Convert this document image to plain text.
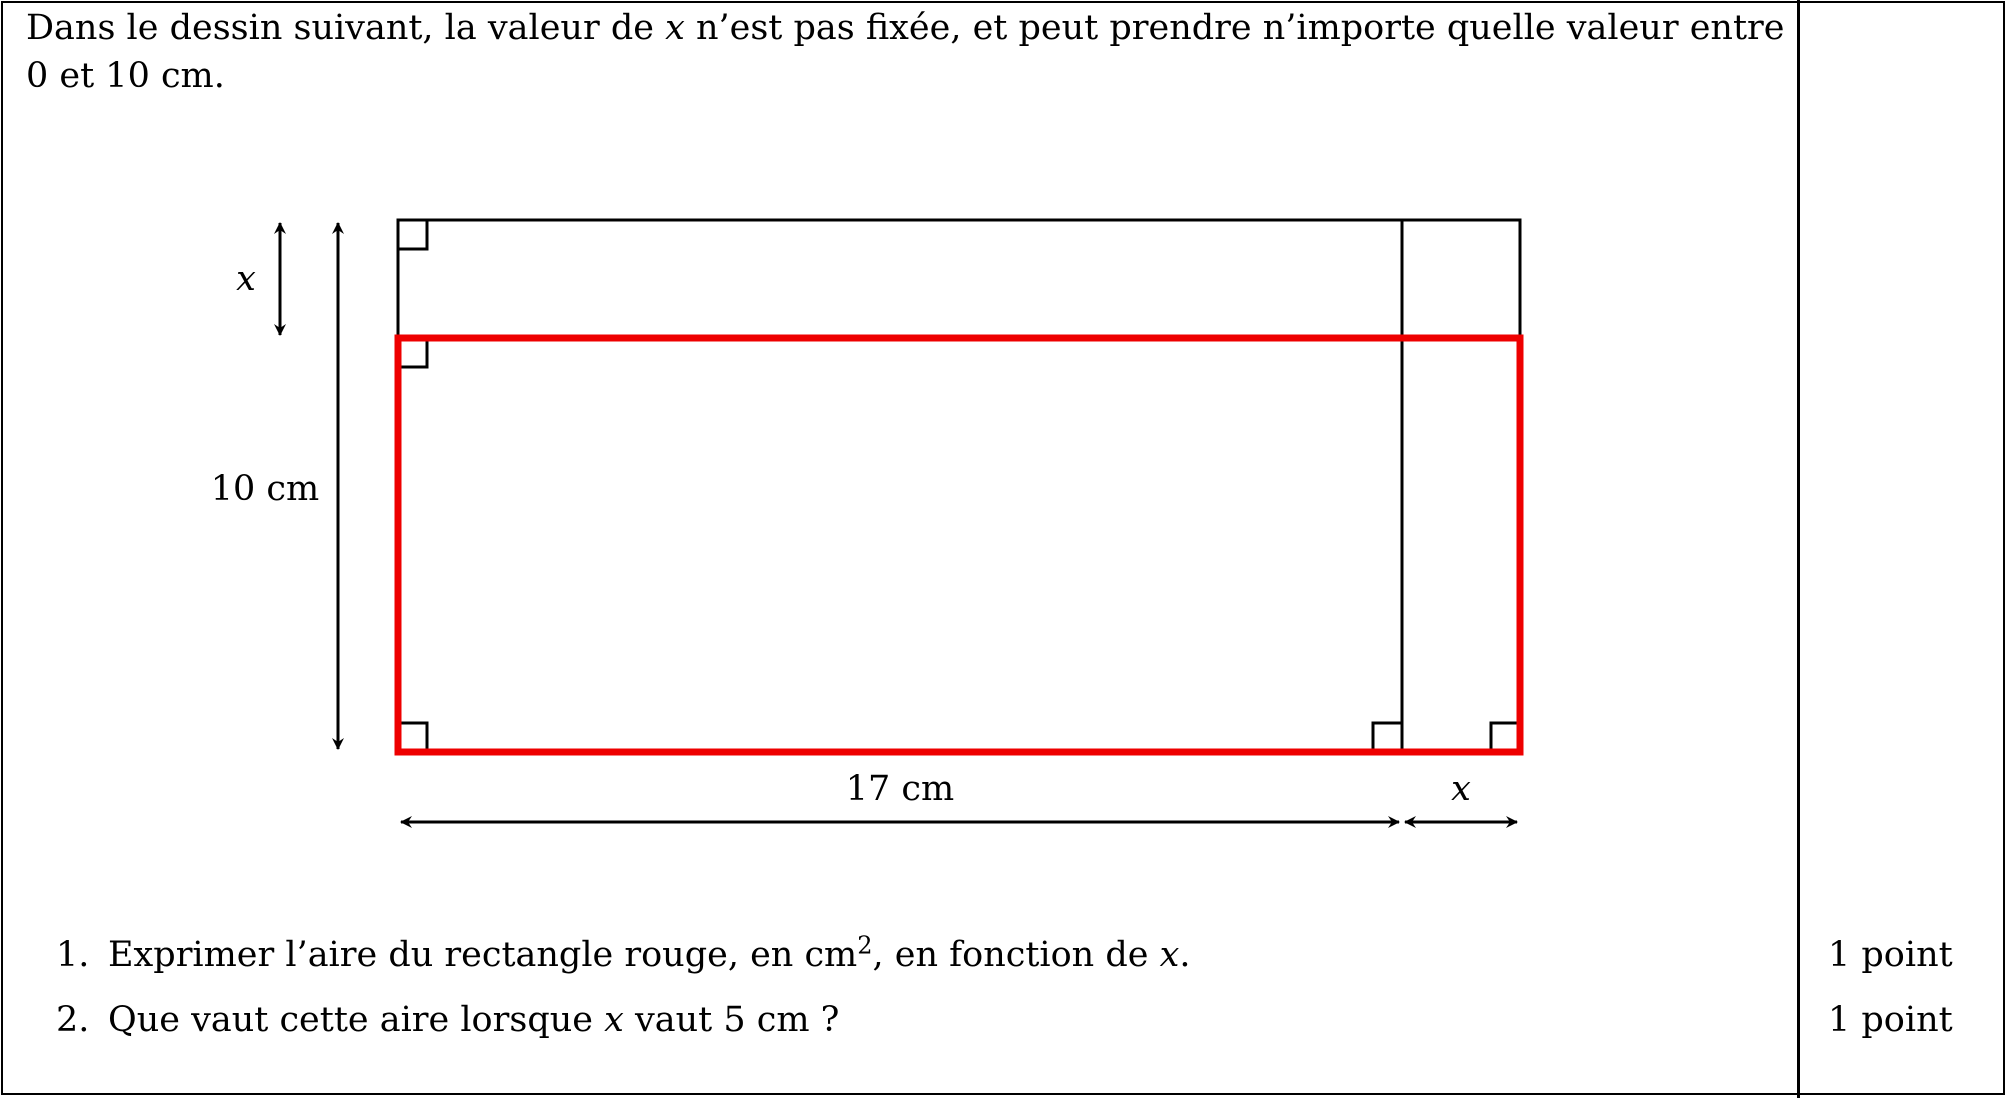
Dans le dessin suivant, la valeur de x n’est pas fixée, et peut prendre n’importe quelle valeur entre 0 et 10 cm.
x
10 cm
17 cm	x
1. Exprimer l’aire du rectangle rouge, en $cm^2$, en fonction de x.	1 point
2. Que vaut cette aire lorsque x vaut 5 cm ?	1 point
